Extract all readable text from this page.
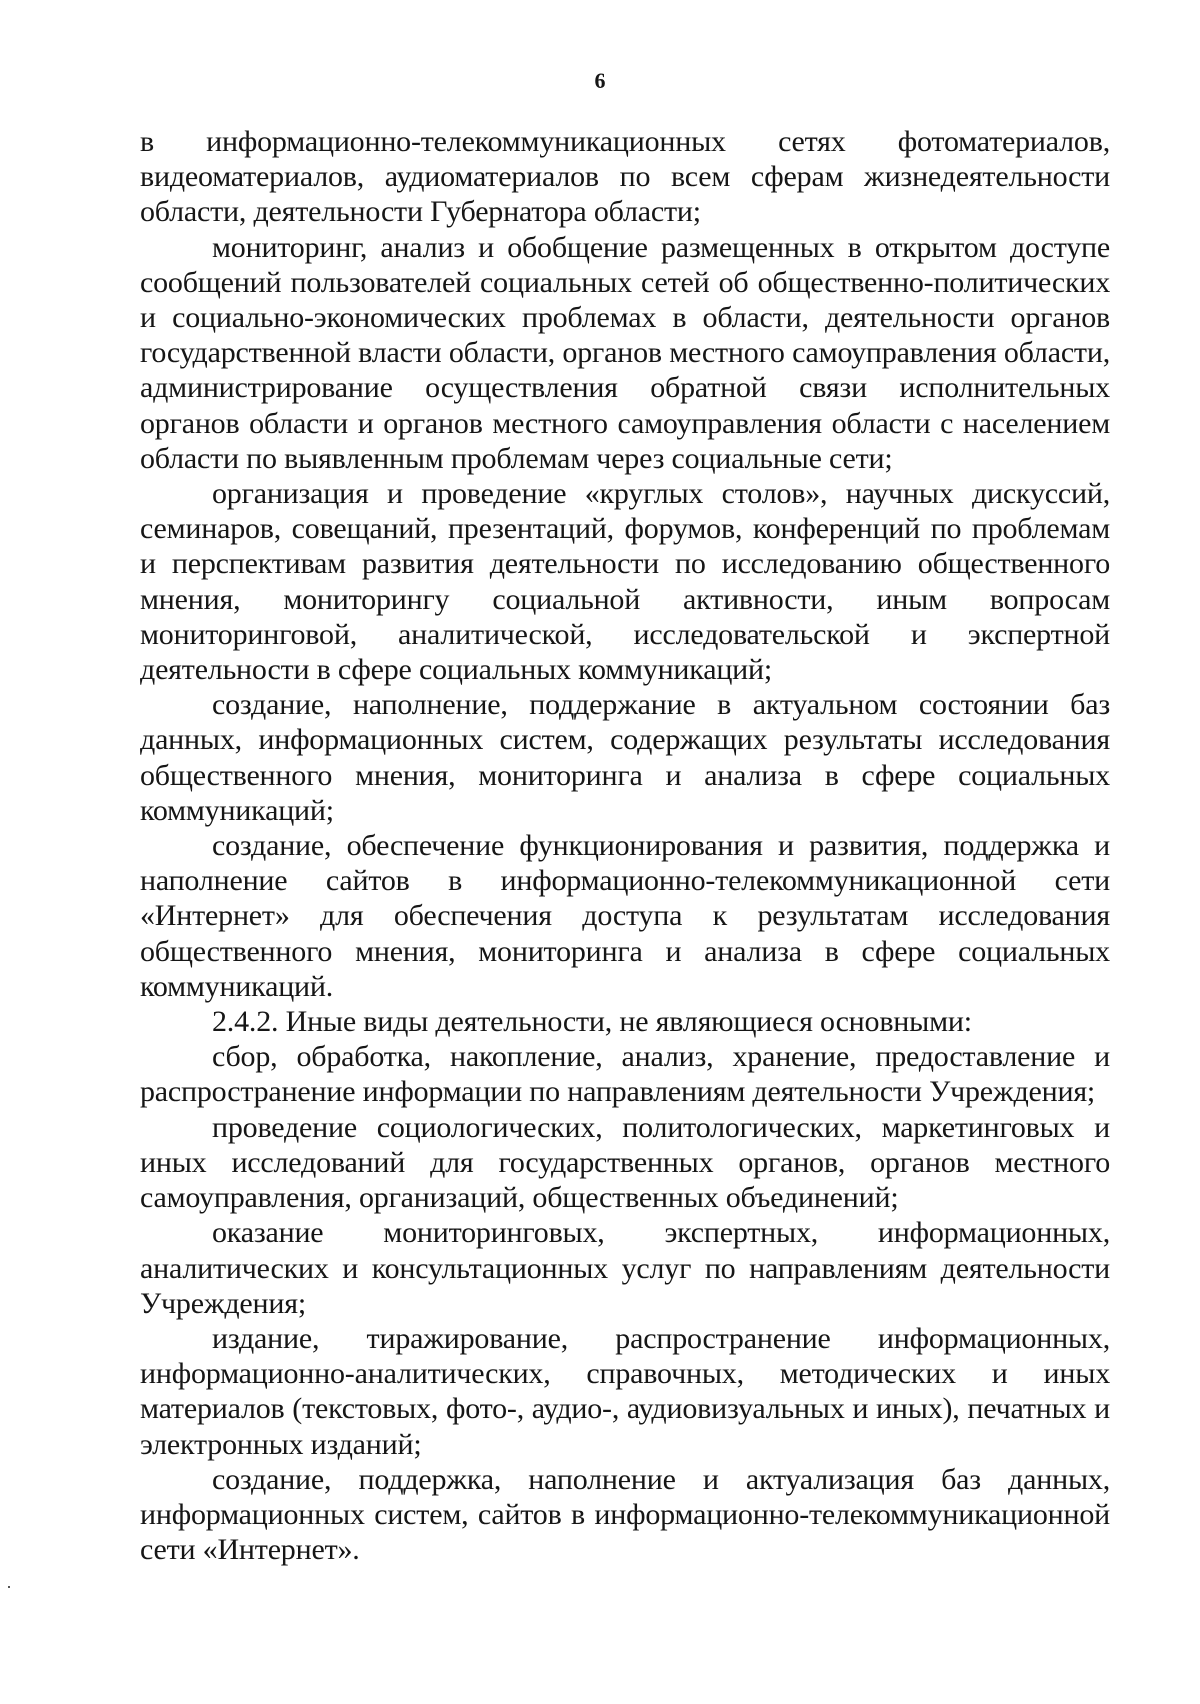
6

в информационно-телекоммуникационных сетях фотоматериалов, видеоматериалов, аудиоматериалов по всем сферам жизнедеятельности области, деятельности Губернатора области;

мониторинг, анализ и обобщение размещенных в открытом доступе сообщений пользователей социальных сетей об общественно-политических и социально-экономических проблемах в области, деятельности органов государственной власти области, органов местного самоуправления области, администрирование осуществления обратной связи исполнительных органов области и органов местного самоуправления области с населением области по выявленным проблемам через социальные сети;

организация и проведение «круглых столов», научных дискуссий, семинаров, совещаний, презентаций, форумов, конференций по проблемам и перспективам развития деятельности по исследованию общественного мнения, мониторингу социальной активности, иным вопросам мониторинговой, аналитической, исследовательской и экспертной деятельности в сфере социальных коммуникаций;

создание, наполнение, поддержание в актуальном состоянии баз данных, информационных систем, содержащих результаты исследования общественного мнения, мониторинга и анализа в сфере социальных коммуникаций;

создание, обеспечение функционирования и развития, поддержка и наполнение сайтов в информационно-телекоммуникационной сети «Интернет» для обеспечения доступа к результатам исследования общественного мнения, мониторинга и анализа в сфере социальных коммуникаций.

2.4.2. Иные виды деятельности, не являющиеся основными:

сбор, обработка, накопление, анализ, хранение, предоставление и распространение информации по направлениям деятельности Учреждения;

проведение социологических, политологических, маркетинговых и иных исследований для государственных органов, органов местного самоуправления, организаций, общественных объединений;

оказание мониторинговых, экспертных, информационных, аналитических и консультационных услуг по направлениям деятельности Учреждения;

издание, тиражирование, распространение информационных, информационно-аналитических, справочных, методических и иных материалов (текстовых, фото-, аудио-, аудиовизуальных и иных), печатных и электронных изданий;

создание, поддержка, наполнение и актуализация баз данных, информационных систем, сайтов в информационно-телекоммуникационной сети «Интернет».
